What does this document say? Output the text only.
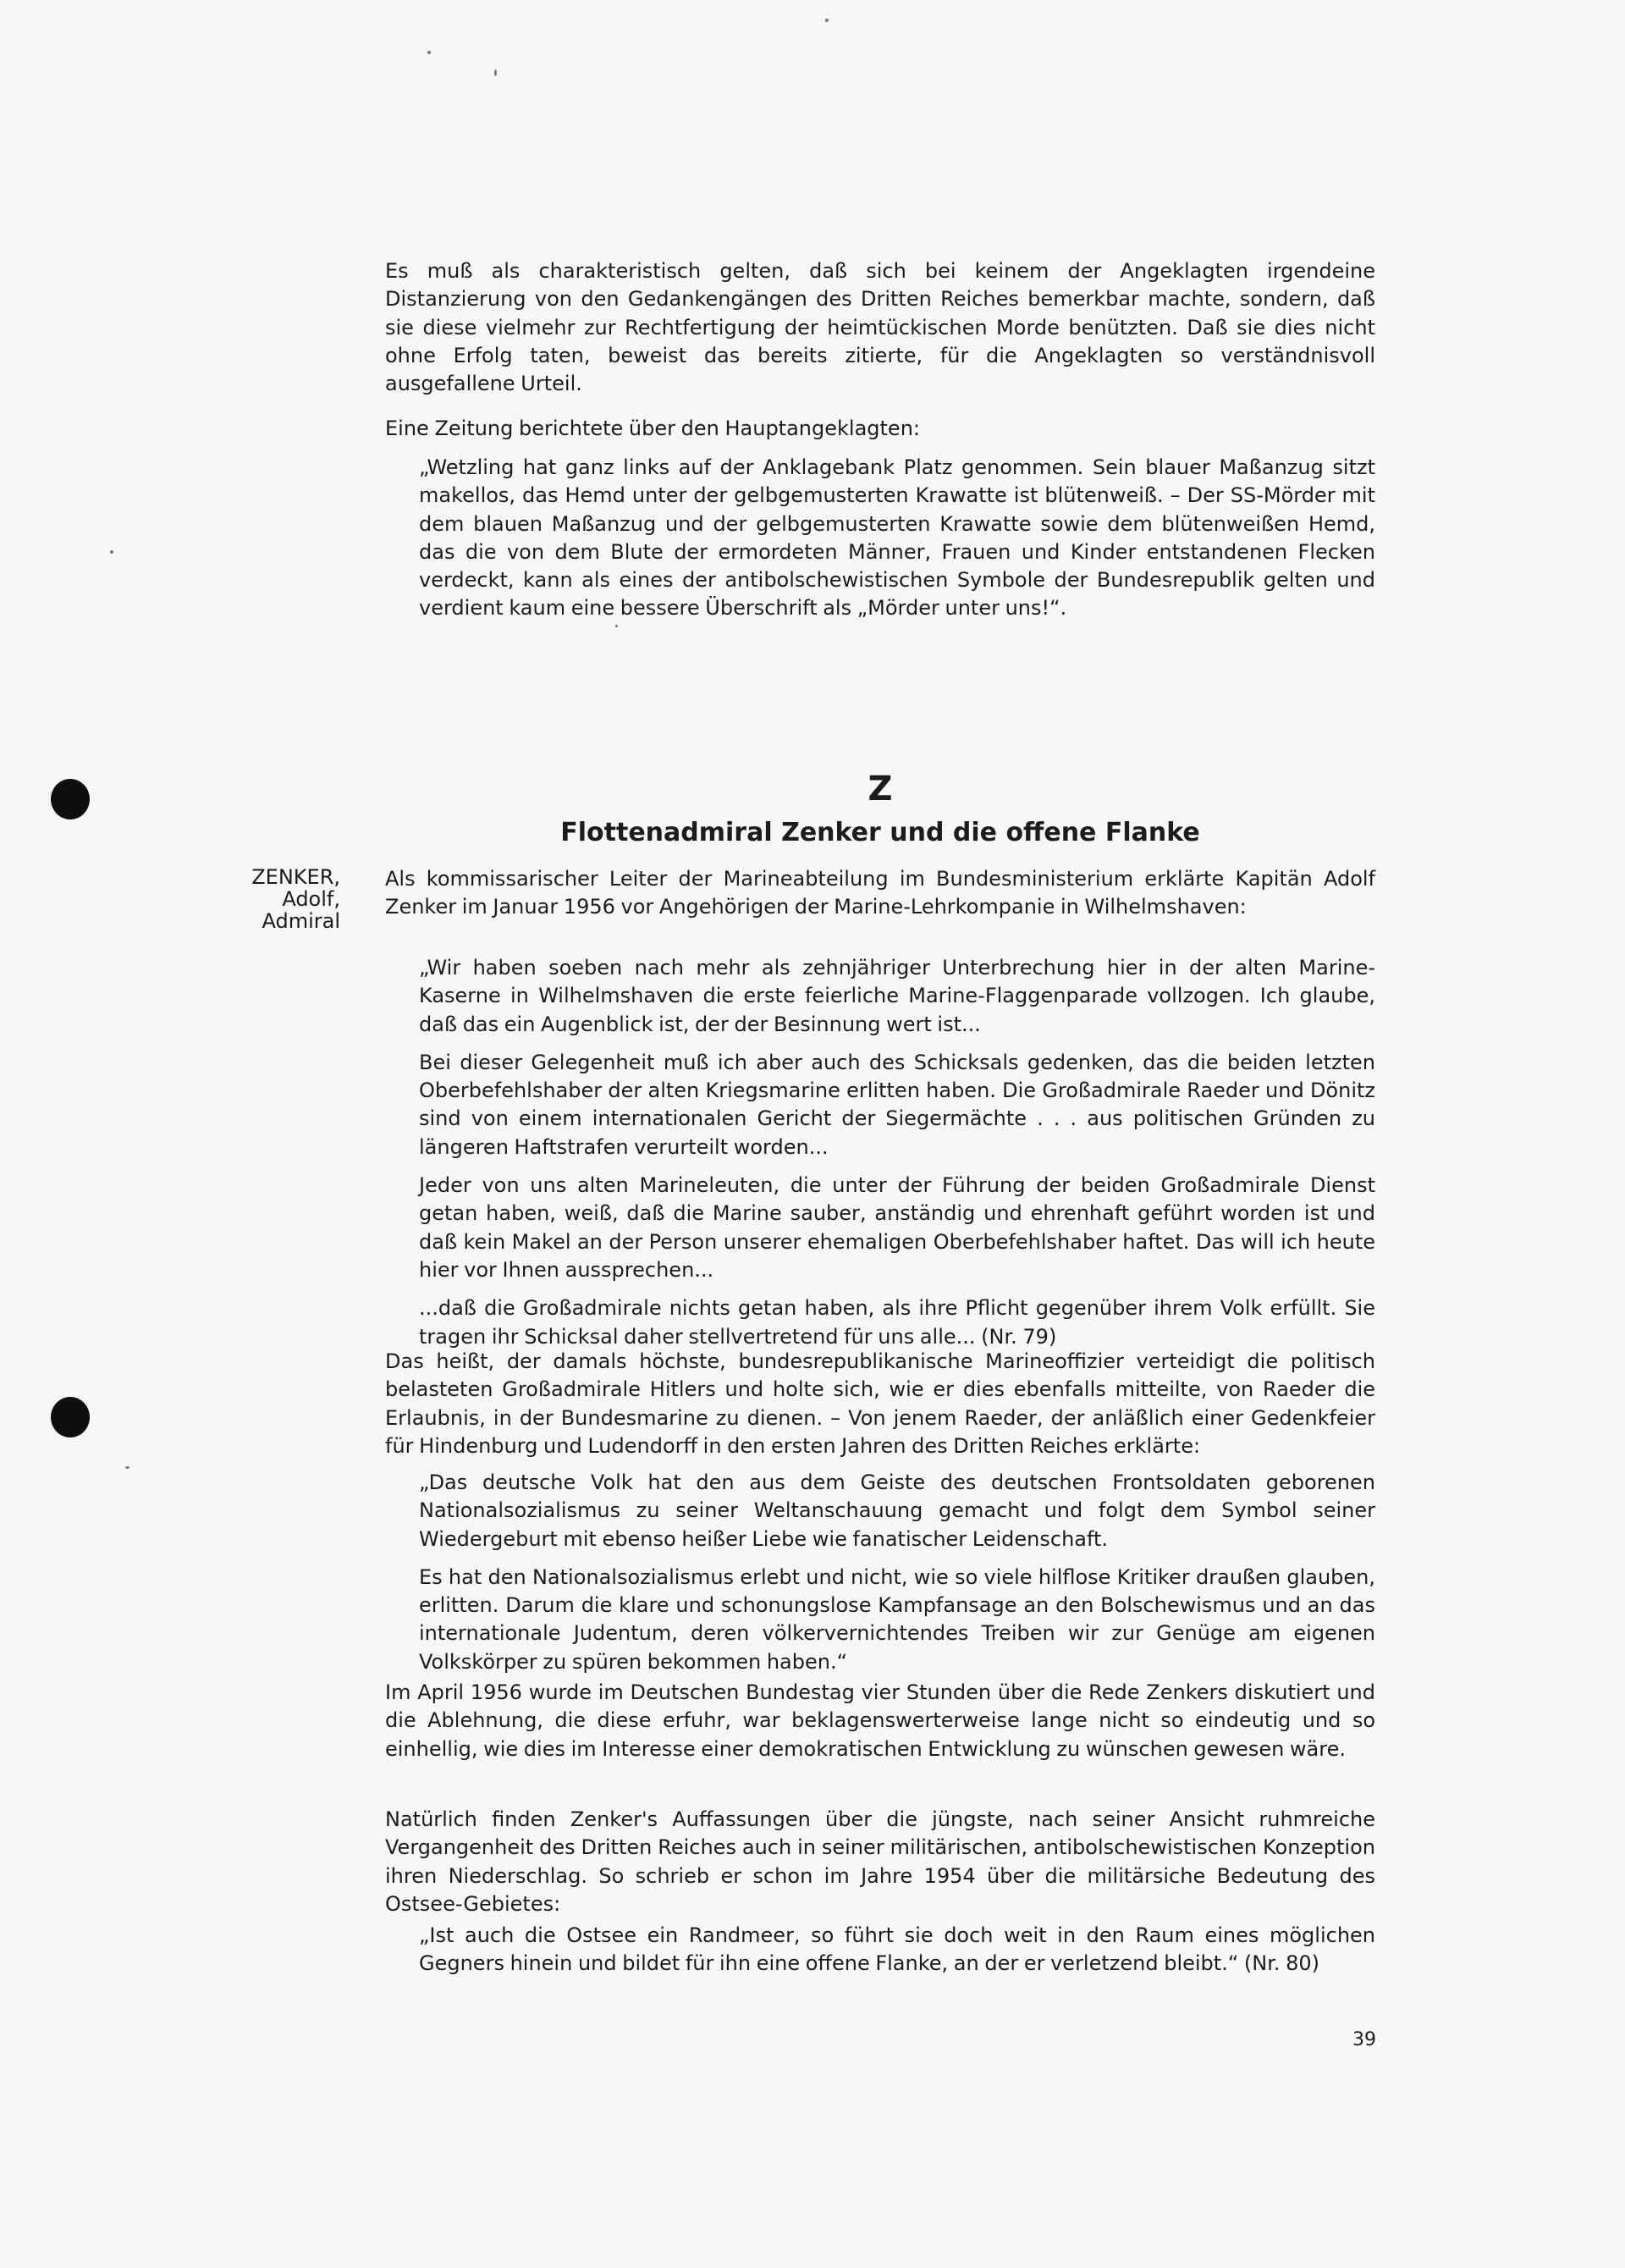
Es muß als charakteristisch gelten, daß sich bei keinem der Angeklagten irgendeine Distanzierung von den Gedankengängen des Dritten Reiches bemerkbar machte, sondern, daß sie diese vielmehr zur Rechtfertigung der heimtückischen Morde benützten. Daß sie dies nicht ohne Erfolg taten, beweist das bereits zitierte, für die Angeklagten so verständnisvoll ausgefallene Urteil.

Eine Zeitung berichtete über den Hauptangeklagten:

„Wetzling hat ganz links auf der Anklagebank Platz genommen. Sein blauer Maßanzug sitzt makellos, das Hemd unter der gelbgemusterten Krawatte ist blütenweiß. – Der SS-Mörder mit dem blauen Maßanzug und der gelbgemusterten Krawatte sowie dem blütenweißen Hemd, das die von dem Blute der ermordeten Männer, Frauen und Kinder entstandenen Flecken verdeckt, kann als eines der antibolschewistischen Symbole der Bundesrepublik gelten und verdient kaum eine bessere Überschrift als „Mörder unter uns!“.

Z
Flottenadmiral Zenker und die offene Flanke
ZENKER,
Adolf,
Admiral

Als kommissarischer Leiter der Marineabteilung im Bundesministerium erklärte Kapitän Adolf Zenker im Januar 1956 vor Angehörigen der Marine-Lehrkompanie in Wilhelmshaven:

„Wir haben soeben nach mehr als zehnjähriger Unterbrechung hier in der alten Marine-Kaserne in Wilhelmshaven die erste feierliche Marine-Flaggenparade vollzogen. Ich glaube, daß das ein Augenblick ist, der der Besinnung wert ist...

Bei dieser Gelegenheit muß ich aber auch des Schicksals gedenken, das die beiden letzten Oberbefehlshaber der alten Kriegsmarine erlitten haben. Die Großadmirale Raeder und Dönitz sind von einem internationalen Gericht der Siegermächte . . . aus politischen Gründen zu längeren Haftstrafen verurteilt worden...

Jeder von uns alten Marineleuten, die unter der Führung der beiden Großadmirale Dienst getan haben, weiß, daß die Marine sauber, anständig und ehrenhaft geführt worden ist und daß kein Makel an der Person unserer ehemaligen Oberbefehlshaber haftet. Das will ich heute hier vor Ihnen aussprechen...

...daß die Großadmirale nichts getan haben, als ihre Pflicht gegenüber ihrem Volk erfüllt. Sie tragen ihr Schicksal daher stellvertretend für uns alle... (Nr. 79)

Das heißt, der damals höchste, bundesrepublikanische Marineoffizier verteidigt die politisch belasteten Großadmirale Hitlers und holte sich, wie er dies ebenfalls mitteilte, von Raeder die Erlaubnis, in der Bundesmarine zu dienen. – Von jenem Raeder, der anläßlich einer Gedenkfeier für Hindenburg und Ludendorff in den ersten Jahren des Dritten Reiches erklärte:

„Das deutsche Volk hat den aus dem Geiste des deutschen Frontsoldaten geborenen Nationalsozialismus zu seiner Weltanschauung gemacht und folgt dem Symbol seiner Wiedergeburt mit ebenso heißer Liebe wie fanatischer Leidenschaft.

Es hat den Nationalsozialismus erlebt und nicht, wie so viele hilflose Kritiker draußen glauben, erlitten. Darum die klare und schonungslose Kampfansage an den Bolschewismus und an das internationale Judentum, deren völkervernichtendes Treiben wir zur Genüge am eigenen Volkskörper zu spüren bekommen haben.“

Im April 1956 wurde im Deutschen Bundestag vier Stunden über die Rede Zenkers diskutiert und die Ablehnung, die diese erfuhr, war beklagenswerterweise lange nicht so eindeutig und so einhellig, wie dies im Interesse einer demokratischen Entwicklung zu wünschen gewesen wäre.

Natürlich finden Zenker's Auffassungen über die jüngste, nach seiner Ansicht ruhmreiche Vergangenheit des Dritten Reiches auch in seiner militärischen, antibolschewistischen Konzeption ihren Niederschlag. So schrieb er schon im Jahre 1954 über die militärsiche Bedeutung des Ostsee-Gebietes:

„Ist auch die Ostsee ein Randmeer, so führt sie doch weit in den Raum eines möglichen Gegners hinein und bildet für ihn eine offene Flanke, an der er verletzend bleibt.“ (Nr. 80)

39
